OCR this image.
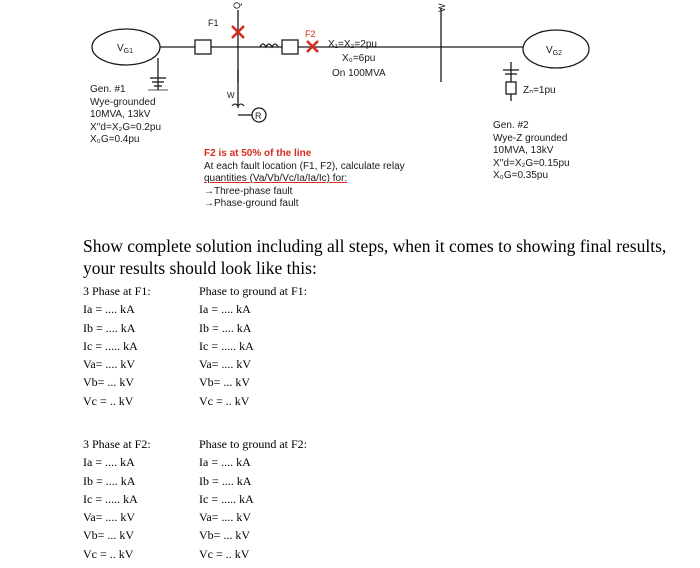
$V_{G1}$	$V_{G2}$
Q	W
F1
F2
W
R
X₁=X₂=2pu
X₀=6pu
On 100MVA
Zₙ=1pu
Gen. #1
Wye-grounded
10MVA, 13kV
X′′d=X₂G=0.2pu
X₀G=0.4pu
Gen. #2
Wye-Z grounded
10MVA, 13kV
X′′d=X₂G=0.15pu
X₀G=0.35pu
F2 is at 50% of the line
At each fault location (F1, F2), calculate relay
quantities (Va/Vb/Vc/Ia/Ia/Ic) for:
→Three-phase fault
→Phase-ground fault
Show complete solution including all steps, when it comes to showing final results, your results should look like this:
3 Phase at F1:
Ia = .... kA
Ib = .... kA
Ic = ..... kA
Va= .... kV
Vb= ... kV
Vc = .. kV
Phase to ground at F1:
Ia = .... kA
Ib = .... kA
Ic = ..... kA
Va= .... kV
Vb= ... kV
Vc = .. kV
3 Phase at F2:
Ia = .... kA
Ib = .... kA
Ic = ..... kA
Va= .... kV
Vb= ... kV
Vc = .. kV
Phase to ground at F2:
Ia = .... kA
Ib = .... kA
Ic = ..... kA
Va= .... kV
Vb= ... kV
Vc = .. kV
